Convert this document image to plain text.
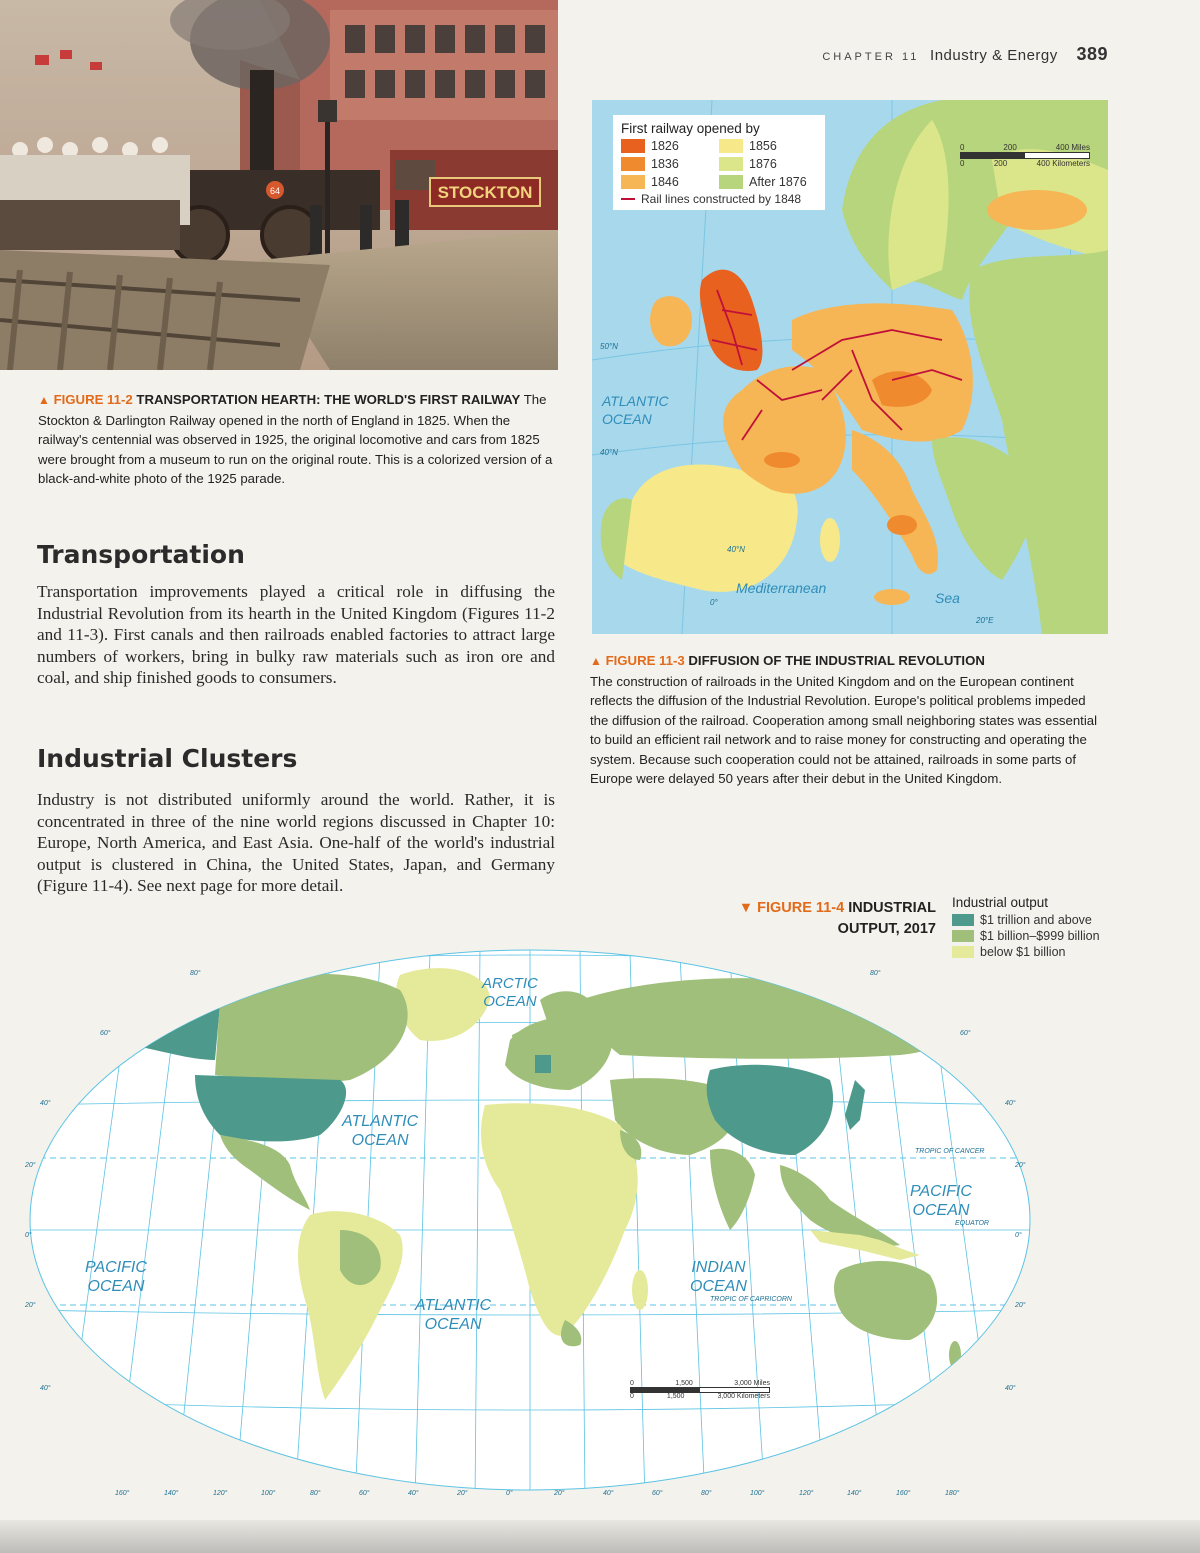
CHAPTER 11 Industry & Energy 389
STOCKTON
64
▲ FIGURE 11-2 TRANSPORTATION HEARTH: THE WORLD'S FIRST RAILWAY The Stockton & Darlington Railway opened in the north of England in 1825. When the railway's centennial was observed in 1925, the original locomotive and cars from 1825 were brought from a museum to run on the original route. This is a colorized version of a black-and-white photo of the 1925 parade.
Transportation
Transportation improvements played a critical role in diffusing the Industrial Revolution from its hearth in the United Kingdom (Figures 11-2 and 11-3). First canals and then railroads enabled factories to attract large numbers of workers, bring in bulky raw materials such as iron ore and coal, and ship finished goods to consumers.
Industrial Clusters
Industry is not distributed uniformly around the world. Rather, it is concentrated in three of the nine world regions discussed in Chapter 10: Europe, North America, and East Asia. One-half of the world's industrial output is clustered in China, the United States, Japan, and Germany (Figure 11-4). See next page for more detail.
First railway opened by
1826	1856
1836	1876
1846	After 1876
Rail lines constructed by 1848
0	200	400 Miles
0	200	400 Kilometers
ATLANTIC
OCEAN
Mediterranean
Sea
50°N
40°N
40°N
0°
20°E
▲ FIGURE 11-3 DIFFUSION OF THE INDUSTRIAL REVOLUTION
The construction of railroads in the United Kingdom and on the European continent reflects the diffusion of the Industrial Revolution. Europe's political problems impeded the diffusion of the railroad. Cooperation among small neighboring states was essential to build an efficient rail network and to raise money for constructing and operating the system. Because such cooperation could not be attained, railroads in some parts of Europe were delayed 50 years after their debut in the United Kingdom.
▼ FIGURE 11-4 INDUSTRIAL
OUTPUT, 2017
Industrial output
$1 trillion and above
$1 billion–$999 billion
below $1 billion
ARCTIC
OCEAN
ATLANTIC
OCEAN
ATLANTIC
OCEAN
PACIFIC
OCEAN
PACIFIC
OCEAN
INDIAN
OCEAN
TROPIC OF CANCER
TROPIC OF CAPRICORN
EQUATOR
0	1,500	3,000 Miles
0	1,500	3,000 Kilometers
80°
60°
40°
20°
0°
20°
40°
80°
60°
40°
20°
0°
20°
40°
160°	140°	120°	100°	80°	60°	40°	20°	0°	20°	40°	60°	80°	100°	120°	140°	160°	180°
